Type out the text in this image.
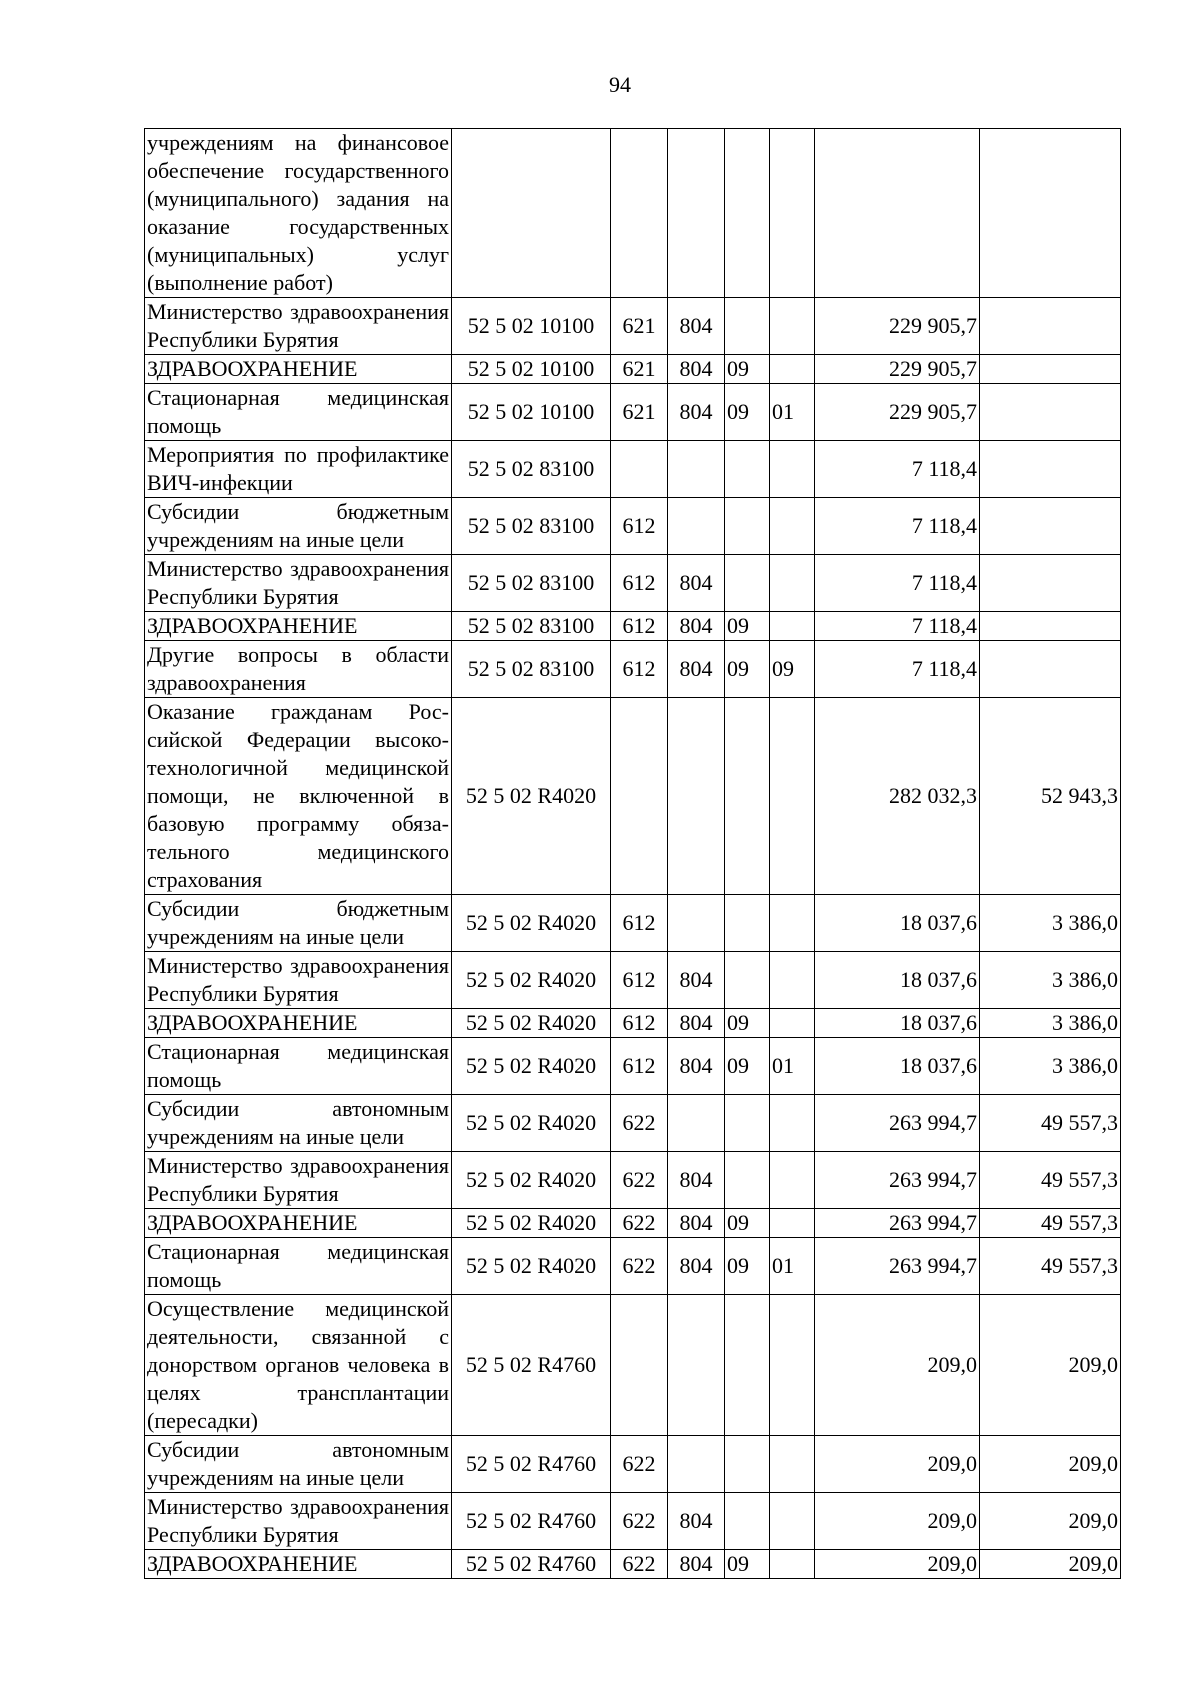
94
учреждениям на финансовое обеспечение государственного (муниципального) задания на оказание государственных (муниципальных) услуг (выполнение работ)							
Министерство здравоохранения Республики Бурятия	52 5 02 10100	621	804			229 905,7	
ЗДРАВООХРАНЕНИЕ	52 5 02 10100	621	804	09		229 905,7	
Стационарная медицинская помощь	52 5 02 10100	621	804	09	01	229 905,7	
Мероприятия по профилактике ВИЧ-инфекции	52 5 02 83100					7 118,4	
Субсидии бюджетным учреждениям на иные цели	52 5 02 83100	612				7 118,4	
Министерство здравоохранения Республики Бурятия	52 5 02 83100	612	804			7 118,4	
ЗДРАВООХРАНЕНИЕ	52 5 02 83100	612	804	09		7 118,4	
Другие вопросы в области здравоохранения	52 5 02 83100	612	804	09	09	7 118,4	
Оказание гражданам Российской Федерации высокотехнологичной медицинской помощи, не включенной в базовую программу обязательного медицинского страхования	52 5 02 R4020					282 032,3	52 943,3
Субсидии бюджетным учреждениям на иные цели	52 5 02 R4020	612				18 037,6	3 386,0
Министерство здравоохранения Республики Бурятия	52 5 02 R4020	612	804			18 037,6	3 386,0
ЗДРАВООХРАНЕНИЕ	52 5 02 R4020	612	804	09		18 037,6	3 386,0
Стационарная медицинская помощь	52 5 02 R4020	612	804	09	01	18 037,6	3 386,0
Субсидии автономным учреждениям на иные цели	52 5 02 R4020	622				263 994,7	49 557,3
Министерство здравоохранения Республики Бурятия	52 5 02 R4020	622	804			263 994,7	49 557,3
ЗДРАВООХРАНЕНИЕ	52 5 02 R4020	622	804	09		263 994,7	49 557,3
Стационарная медицинская помощь	52 5 02 R4020	622	804	09	01	263 994,7	49 557,3
Осуществление медицинской деятельности, связанной с донорством органов человека в целях трансплантации (пересадки)	52 5 02 R4760					209,0	209,0
Субсидии автономным учреждениям на иные цели	52 5 02 R4760	622				209,0	209,0
Министерство здравоохранения Республики Бурятия	52 5 02 R4760	622	804			209,0	209,0
ЗДРАВООХРАНЕНИЕ	52 5 02 R4760	622	804	09		209,0	209,0
